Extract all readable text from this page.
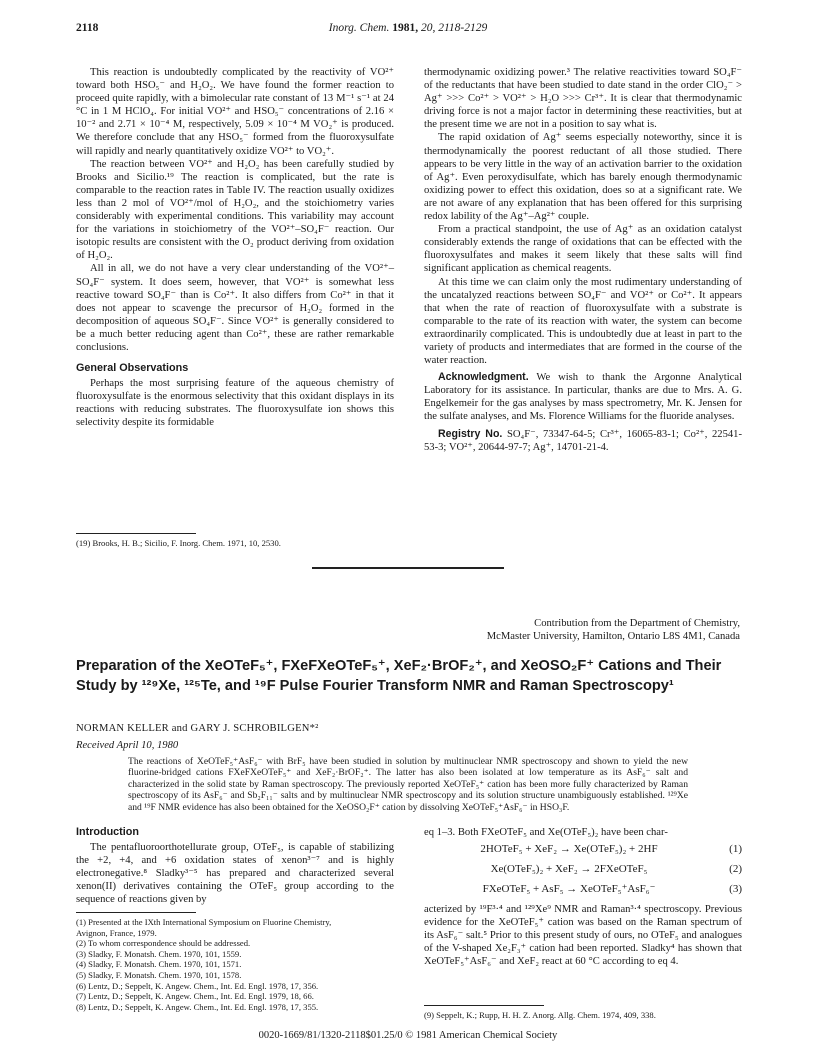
Inorg. Chem. 1981, 20, 2118-2129
2118

This reaction is undoubtedly complicated by the reactivity of VO²⁺ toward both HSO₅⁻ and H₂O₂. We have found the former reaction to proceed quite rapidly, with a bimolecular rate constant of 13 M⁻¹ s⁻¹ at 24 °C in 1 M HClO₄. For initial VO²⁺ and HSO₅⁻ concentrations of 2.16 × 10⁻² and 2.71 × 10⁻⁴ M, respectively, 5.09 × 10⁻⁴ M VO₂⁺ is produced. We therefore conclude that any HSO₅⁻ formed from the fluoroxysulfate will rapidly and nearly quantitatively oxidize VO²⁺ to VO₂⁺.

The reaction between VO²⁺ and H₂O₂ has been carefully studied by Brooks and Sicilio.¹⁹ The reaction is complicated, but the rate is comparable to the reaction rates in Table IV. The reaction usually oxidizes less than 2 mol of VO²⁺/mol of H₂O₂, and the stoichiometry varies considerably with experimental conditions. This variability may account for the variations in stoichiometry of the VO²⁺–SO₄F⁻ reaction. Our isotopic results are consistent with the O₂ product deriving from oxidation of H₂O₂.

All in all, we do not have a very clear understanding of the VO²⁺–SO₄F⁻ system. It does seem, however, that VO²⁺ is somewhat less reactive toward SO₄F⁻ than is Co²⁺. It also differs from Co²⁺ in that it does not appear to scavenge the precursor of H₂O₂ formed in the decomposition of aqueous SO₄F⁻. Since VO²⁺ is generally considered to be a much better reducing agent than Co²⁺, these are rather remarkable conclusions.

General Observations

Perhaps the most surprising feature of the aqueous chemistry of fluoroxysulfate is the enormous selectivity that this oxidant displays in its reactions with reducing substrates. The fluoroxysulfate ion shows this selectivity despite its formidable

thermodynamic oxidizing power.³ The relative reactivities toward SO₄F⁻ of the reductants that have been studied to date stand in the order ClO₂⁻ > Ag⁺ >>> Co²⁺ > VO²⁺ > H₂O >>> Cr³⁺. It is clear that thermodynamic driving force is not a major factor in determining these reactivities, but at the present time we are not in a position to say what is.

The rapid oxidation of Ag⁺ seems especially noteworthy, since it is thermodynamically the poorest reductant of all those studied. There appears to be very little in the way of an activation barrier to the oxidation of Ag⁺. Even peroxydisulfate, which has barely enough thermodynamic oxidizing power to effect this oxidation, does so at a significant rate. We are not aware of any explanation that has been offered for this surprising redox lability of the Ag⁺–Ag²⁺ couple.

From a practical standpoint, the use of Ag⁺ as an oxidation catalyst considerably extends the range of oxidations that can be effected with the fluoroxysulfates and makes it seem likely that these salts will find significant application as chemical reagents.

At this time we can claim only the most rudimentary understanding of the uncatalyzed reactions between SO₄F⁻ and VO²⁺ or Co²⁺. It appears that when the rate of reaction of fluoroxysulfate with a substrate is comparable to the rate of its reaction with water, the system can become extraordinarily complicated. This is undoubtedly due at least in part to the variety of products and intermediates that are formed in the course of the water reaction.

Acknowledgment. We wish to thank the Argonne Analytical Laboratory for its assistance. In particular, thanks are due to Mrs. A. G. Engelkemeir for the gas analyses by mass spectrometry, Mr. K. Jensen for the sulfate analyses, and Ms. Florence Williams for the fluoride analyses.

Registry No. SO₄F⁻, 73347-64-5; Cr³⁺, 16065-83-1; Co²⁺, 22541-53-3; VO²⁺, 20644-97-7; Ag⁺, 14701-21-4.

(19) Brooks, H. B.; Sicilio, F. Inorg. Chem. 1971, 10, 2530.
Contribution from the Department of Chemistry,
McMaster University, Hamilton, Ontario L8S 4M1, Canada
Preparation of the XeOTeF₅⁺, FXeFXeOTeF₅⁺, XeF₂·BrOF₂⁺, and XeOSO₂F⁺ Cations and Their Study by ¹²⁹Xe, ¹²⁵Te, and ¹⁹F Pulse Fourier Transform NMR and Raman Spectroscopy¹
NORMAN KELLER and GARY J. SCHROBILGEN*²
Received April 10, 1980
The reactions of XeOTeF₅⁺AsF₆⁻ with BrF₅ have been studied in solution by multinuclear NMR spectroscopy and shown to yield the new fluorine-bridged cations FXeFXeOTeF₅⁺ and XeF₂·BrOF₂⁺. The latter has also been isolated at low temperature as its AsF₆⁻ salt and characterized in the solid state by Raman spectroscopy. The previously reported XeOTeF₅⁺ cation has been more fully characterized by Raman spectroscopy of its AsF₆⁻ and Sb₂F₁₁⁻ salts and by multinuclear NMR spectroscopy and its solution structure unambiguously established. ¹²⁹Xe and ¹⁹F NMR evidence has also been obtained for the XeOSO₂F⁺ cation by dissolving XeOTeF₅⁺AsF₆⁻ in HSO₃F.
Introduction

The pentafluoroorthotellurate group, OTeF₅, is capable of stabilizing the +2, +4, and +6 oxidation states of xenon³⁻⁷ and is highly electronegative.⁸ Sladky³⁻⁵ has prepared and characterized several xenon(II) derivatives containing the OTeF₅ group according to the sequence of reactions given by

eq 1–3. Both FXeOTeF₅ and Xe(OTeF₅)₂ have been char-
2HOTeF₅ + XeF₂ → Xe(OTeF₅)₂ + 2HF	(1)
Xe(OTeF₅)₂ + XeF₂ → 2FXeOTeF₅	(2)
FXeOTeF₅ + AsF₅ → XeOTeF₅⁺AsF₆⁻	(3)
acterized by ¹⁹F³·⁴ and ¹²⁹Xe⁹ NMR and Raman³·⁴ spectroscopy. Previous evidence for the XeOTeF₅⁺ cation was based on the Raman spectrum of its AsF₆⁻ salt.⁵ Prior to this present study of ours, no OTeF₅ and analogues of the V-shaped Xe₂F₃⁺ cation had been reported. Sladky⁴ has shown that XeOTeF₅⁺AsF₆⁻ and XeF₂ react at 60 °C according to eq 4.
(1) Presented at the IXth International Symposium on Fluorine Chemistry,
Avignon, France, 1979.
(2) To whom correspondence should be addressed.
(3) Sladky, F. Monatsh. Chem. 1970, 101, 1559.
(4) Sladky, F. Monatsh. Chem. 1970, 101, 1571.
(5) Sladky, F. Monatsh. Chem. 1970, 101, 1578.
(6) Lentz, D.; Seppelt, K. Angew. Chem., Int. Ed. Engl. 1978, 17, 356.
(7) Lentz, D.; Seppelt, K. Angew. Chem., Int. Ed. Engl. 1979, 18, 66.
(8) Lentz, D.; Seppelt, K. Angew. Chem., Int. Ed. Engl. 1978, 17, 355.
(9) Seppelt, K.; Rupp, H. H. Z. Anorg. Allg. Chem. 1974, 409, 338.
0020-1669/81/1320-2118$01.25/0 © 1981 American Chemical Society
